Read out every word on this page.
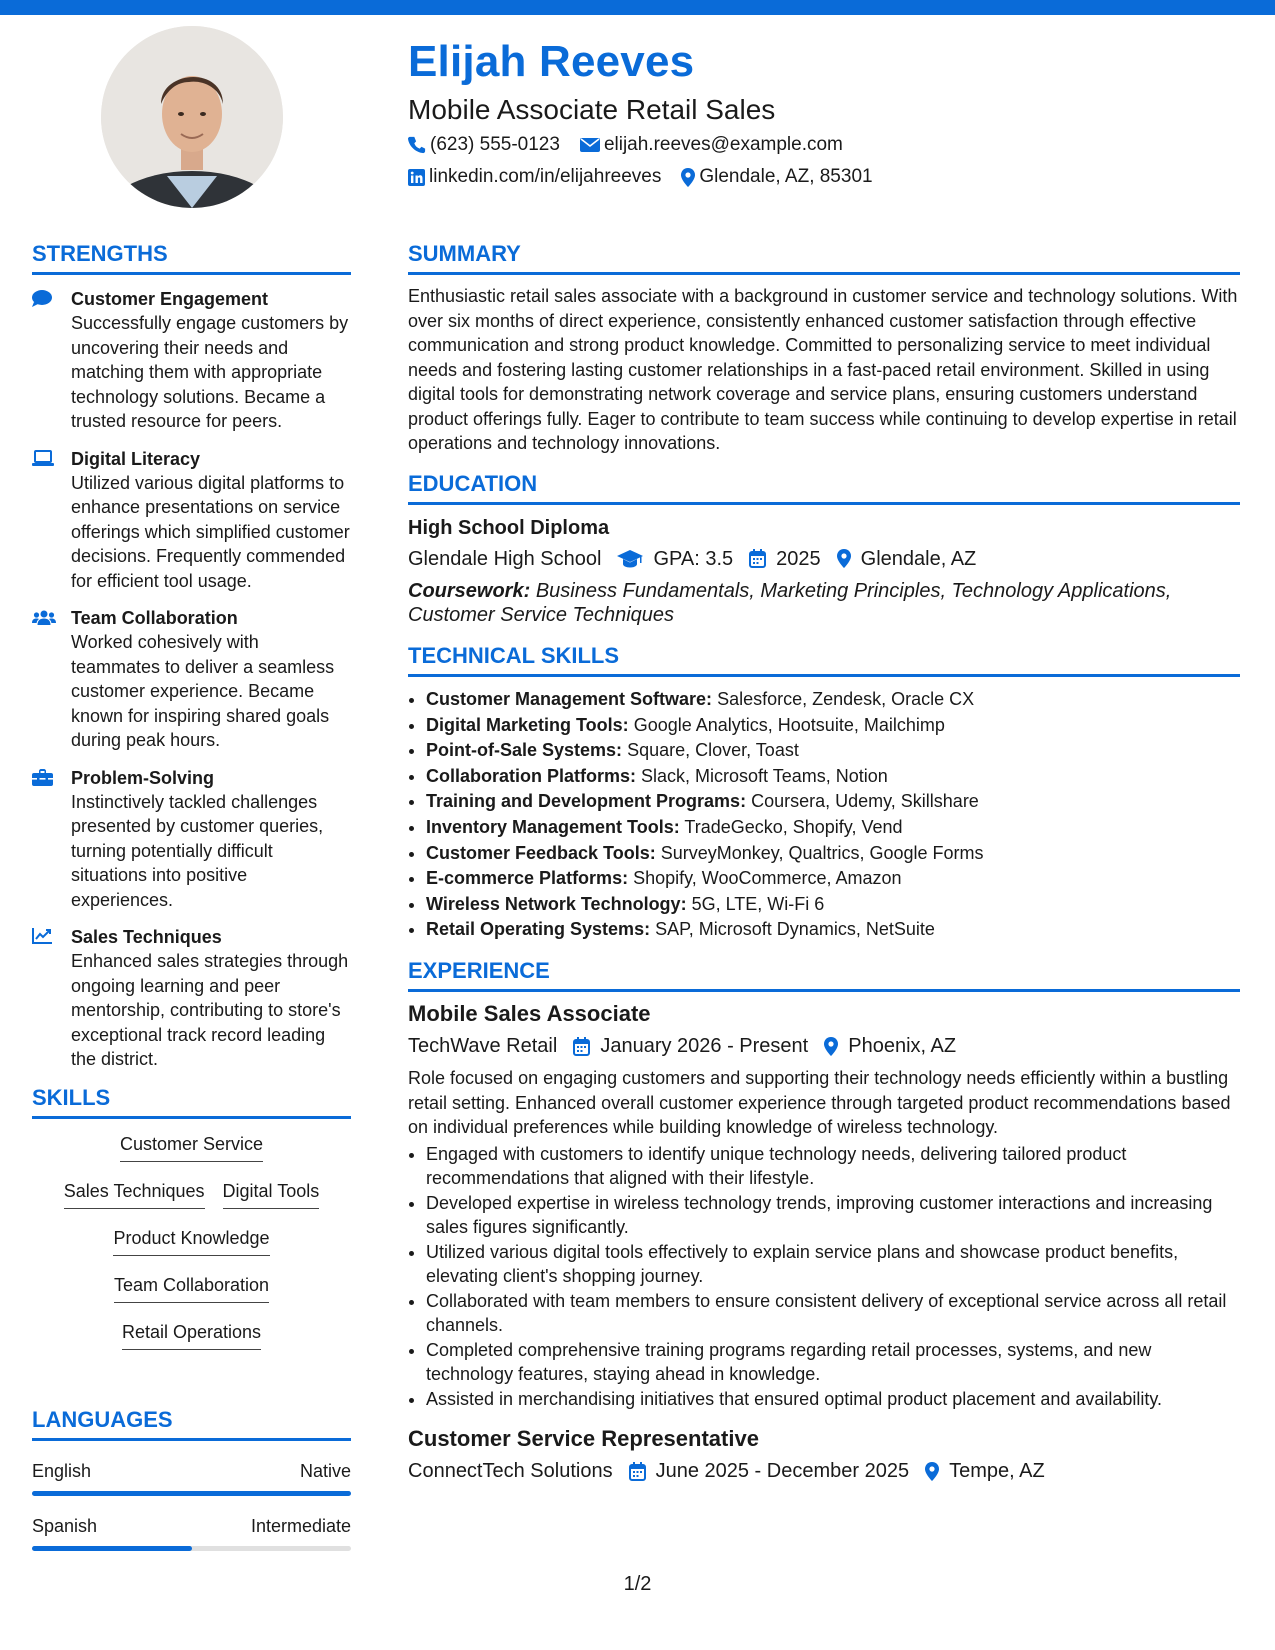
Elijah Reeves
Mobile Associate Retail Sales
(623) 555-0123 elijah.reeves@example.com
linkedin.com/in/elijahreeves Glendale, AZ, 85301
STRENGTHS
Customer Engagement
Successfully engage customers by uncovering their needs and matching them with appropriate technology solutions. Became a trusted resource for peers.
Digital Literacy
Utilized various digital platforms to enhance presentations on service offerings which simplified customer decisions. Frequently commended for efficient tool usage.
Team Collaboration
Worked cohesively with teammates to deliver a seamless customer experience. Became known for inspiring shared goals during peak hours.
Problem-Solving
Instinctively tackled challenges presented by customer queries, turning potentially difficult situations into positive experiences.
Sales Techniques
Enhanced sales strategies through ongoing learning and peer mentorship, contributing to store's exceptional track record leading the district.
SKILLS
Customer Service
Sales Techniques Digital Tools
Product Knowledge
Team Collaboration
Retail Operations
LANGUAGES
English	Native
Spanish	Intermediate
SUMMARY

Enthusiastic retail sales associate with a background in customer service and technology solutions. With over six months of direct experience, consistently enhanced customer satisfaction through effective communication and strong product knowledge. Committed to personalizing service to meet individual needs and fostering lasting customer relationships in a fast-paced retail environment. Skilled in using digital tools for demonstrating network coverage and service plans, ensuring customers understand product offerings fully. Eager to contribute to team success while continuing to develop expertise in retail operations and technology innovations.

EDUCATION
High School Diploma
Glendale High School	GPA: 3.5 2025 Glendale, AZ
Coursework: Business Fundamentals, Marketing Principles, Technology Applications, Customer Service Techniques
TECHNICAL SKILLS
• Customer Management Software: Salesforce, Zendesk, Oracle CX
• Digital Marketing Tools: Google Analytics, Hootsuite, Mailchimp
• Point-of-Sale Systems: Square, Clover, Toast
• Collaboration Platforms: Slack, Microsoft Teams, Notion
• Training and Development Programs: Coursera, Udemy, Skillshare
• Inventory Management Tools: TradeGecko, Shopify, Vend
• Customer Feedback Tools: SurveyMonkey, Qualtrics, Google Forms
• E-commerce Platforms: Shopify, WooCommerce, Amazon
• Wireless Network Technology: 5G, LTE, Wi-Fi 6
• Retail Operating Systems: SAP, Microsoft Dynamics, NetSuite
EXPERIENCE
Mobile Sales Associate
TechWave Retail January 2026 - Present Phoenix, AZ

Role focused on engaging customers and supporting their technology needs efficiently within a bustling retail setting. Enhanced overall customer experience through targeted product recommendations based on individual preferences while building knowledge of wireless technology.

• Engaged with customers to identify unique technology needs, delivering tailored product recommendations that aligned with their lifestyle.
• Developed expertise in wireless technology trends, improving customer interactions and increasing sales figures significantly.
• Utilized various digital tools effectively to explain service plans and showcase product benefits, elevating client's shopping journey.
• Collaborated with team members to ensure consistent delivery of exceptional service across all retail channels.
• Completed comprehensive training programs regarding retail processes, systems, and new technology features, staying ahead in knowledge.
• Assisted in merchandising initiatives that ensured optimal product placement and availability.
Customer Service Representative
ConnectTech Solutions June 2025 - December 2025 Tempe, AZ
1/2
